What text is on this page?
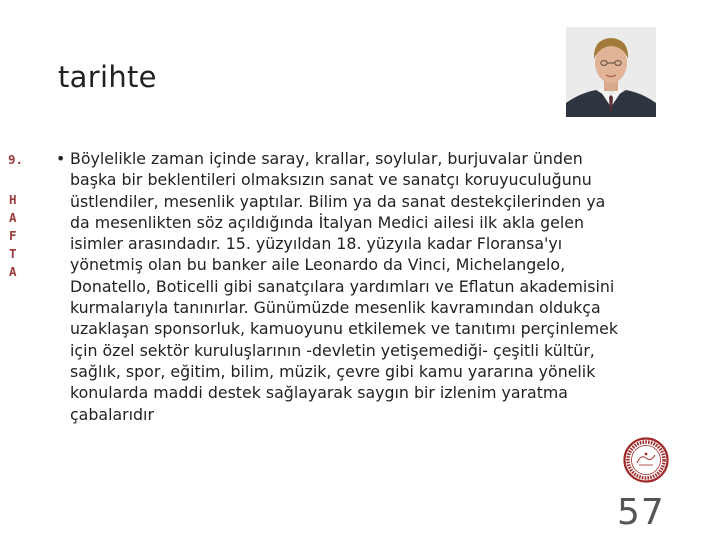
tarihte
9.
H
A
F
T
A
• Böylelikle zaman içinde saray, krallar, soylular, burjuvalar ünden
başka bir beklentileri olmaksızın sanat ve sanatçı koruyuculuğunu
üstlendiler, mesenlik yaptılar. Bilim ya da sanat destekçilerinden ya
da mesenlikten söz açıldığında İtalyan Medici ailesi ilk akla gelen
isimler arasındadır. 15. yüzyıldan 18. yüzyıla kadar Floransa'yı
yönetmiş olan bu banker aile Leonardo da Vinci, Michelangelo,
Donatello, Boticelli gibi sanatçılara yardımları ve Eflatun akademisini
kurmalarıyla tanınırlar. Günümüzde mesenlik kavramından oldukça
uzaklaşan sponsorluk, kamuoyunu etkilemek ve tanıtımı perçinlemek
için özel sektör kuruluşlarının -devletin yetişemediği- çeşitli kültür,
sağlık, spor, eğitim, bilim, müzik, çevre gibi kamu yararına yönelik
konularda maddi destek sağlayarak saygın bir izlenim yaratma
çabalarıdır
57
